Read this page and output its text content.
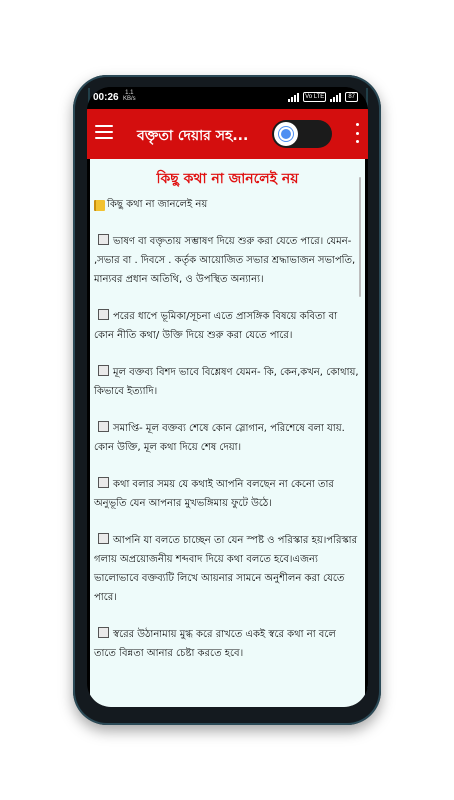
00:26	1.1
KB/s	Vo LTE	87
বক্তৃতা দেয়ার সহ...
কিছু কথা না জানলেই নয়
কিছু কথা না জানলেই নয়
ভাষণ বা বক্তৃতায় সম্ভাষণ দিয়ে শুরু করা যেতে পারে। যেমন- ,সভার বা . দিবসে . কর্তৃক আয়োজিত সভার শ্রদ্ধাভাজন সভাপতি, মান্যবর প্রধান অতিথি, ও উপস্থিত অন্যান্য।
পরের ধাপে ভূমিকা/সূচনা এতে প্রাসঙ্গিক বিষয়ে কবিতা বা কোন নীতি কথা/ উক্তি দিয়ে শুরু করা যেতে পারে।
মূল বক্তব্য বিশদ ভাবে বিশ্লেষণ যেমন- কি, কেন,কখন, কোথায়, কিভাবে ইত্যাদি।
সমাপ্তি- মূল বক্তব্য শেষে কোন স্লোগান, পরিশেষে বলা যায়. কোন উক্তি, মূল কথা দিয়ে শেষ দেয়া।
কথা বলার সময় যে কথাই আপনি বলছেন না কেনো তার অনুভূতি যেন আপনার মুখভঙ্গিমায় ফুটে উঠে।
আপনি যা বলতে চাচ্ছেন তা যেন স্পষ্ট ও পরিস্কার হয়।পরিস্কার গলায় অপ্রয়োজনীয় শব্দবাদ দিয়ে কথা বলতে হবে।এজন্য ভালোভাবে বক্তব্যটি লিখে আয়নার সামনে অনুশীলন করা যেতে পারে।
স্বরের উঠানামায় মুগ্ধ করে রাখতে একই স্বরে কথা না বলে তাতে বিন্নতা আনার চেষ্টা করতে হবে।
